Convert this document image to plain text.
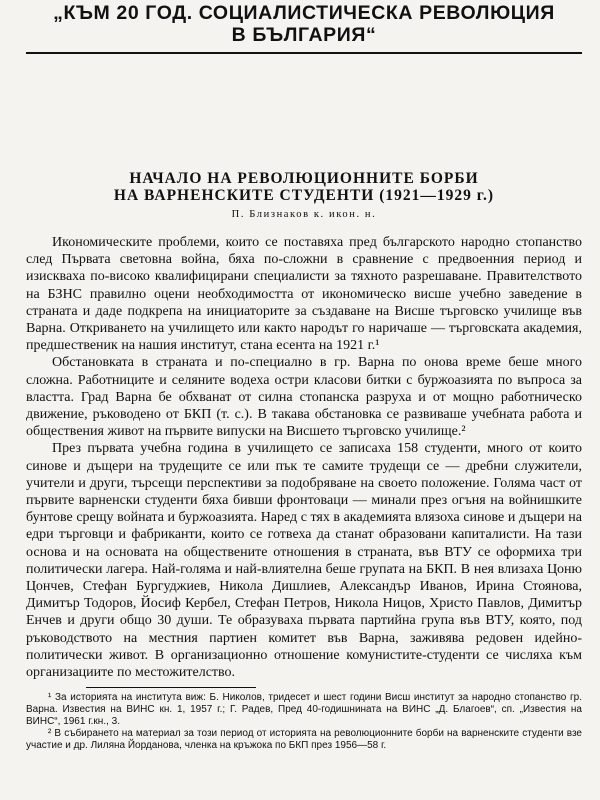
„КЪМ 20 ГОД. СОЦИАЛИСТИЧЕСКА РЕВОЛЮЦИЯ
В БЪЛГАРИЯ“
НАЧАЛО НА РЕВОЛЮЦИОННИТЕ БОРБИ
НА ВАРНЕНСКИТЕ СТУДЕНТИ (1921—1929 г.)
П. Близнаков к. икон. н.

Икономическите проблеми, които се поставяха пред българското народно стопанство след Първата световна война, бяха по-сложни в сравнение с предвоенния период и изискваха по-високо квалифицирани специалисти за тяхното разрешаване. Правителството на БЗНС правилно оцени необходимостта от икономическо висше учебно заведение в страната и даде подкрепа на инициаторите за създаване на Висше търговско училище във Варна. Откриването на училището или както народът го наричаше — търговската академия, предшественик на нашия институт, стана есента на 1921 г.¹

Обстановката в страната и по-специално в гр. Варна по онова време беше много сложна. Работниците и селяните водеха остри класови битки с буржоазията по въпроса за властта. Град Варна бе обхванат от силна стопанска разруха и от мощно работническо движение, ръководено от БКП (т. с.). В такава обстановка се развиваше учебната работа и обществения живот на първите випуски на Висшето търговско училище.²

През първата учебна година в училището се записаха 158 студенти, много от които синове и дъщери на трудещите се или пък те самите трудещи се — дребни служители, учители и други, търсещи перспективи за подобряване на своето положение. Голяма част от първите варненски студенти бяха бивши фронтоваци — минали през огъня на войнишките бунтове срещу войната и буржоазията. Наред с тях в академията влязоха синове и дъщери на едри търговци и фабриканти, които се готвеха да станат образовани капиталисти. На тази основа и на основата на обществените отношения в страната, във ВТУ се оформиха три политически лагера. Най-голяма и най-влиятелна беше групата на БКП. В нея влизаха Цоню Цончев, Стефан Бургуджиев, Никола Дишлиев, Александър Иванов, Ирина Стоянова, Димитър Тодоров, Йосиф Кербел, Стефан Петров, Никола Ницов, Христо Павлов, Димитър Енчев и други общо 30 души. Те образуваха първата партийна група във ВТУ, която, под ръководството на местния партиен комитет във Варна, заживява редовен идейно-политически живот. В организационно отношение комунистите-студенти се числяха към организациите по местожителство.

¹ За историята на института виж: Б. Николов, тридесет и шест години Висш институт за народно стопанство гр. Варна. Известия на ВИНС кн. 1, 1957 г.; Г. Радев, Пред 40-годишнината на ВИНС „Д. Благоев“, сп. „Известия на ВИНС“, 1961 г.кн., 3.

² В събирането на материал за този период от историята на революционните борби на варненските студенти взе участие и др. Лиляна Йорданова, членка на кръжока по БКП през 1956—58 г.
